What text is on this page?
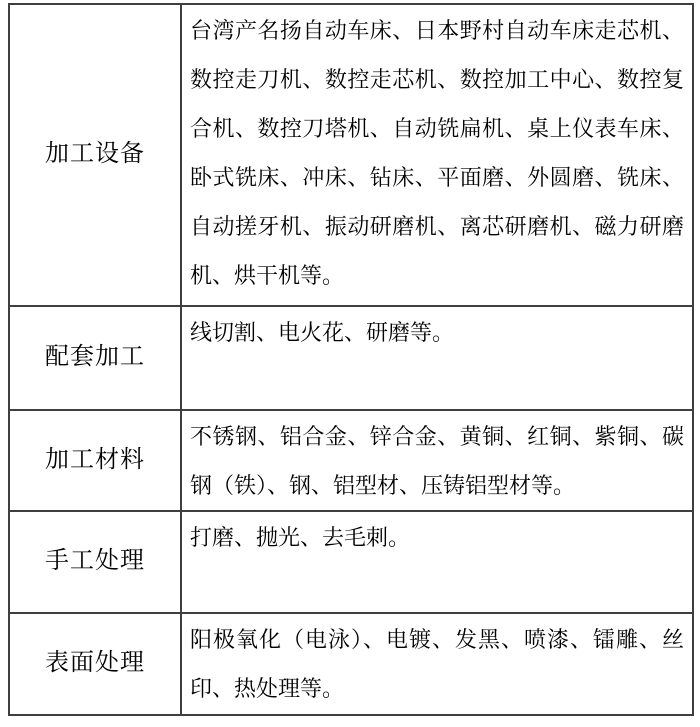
加工设备	台湾产名扬自动车床、日本野村自动车床走芯机、数控走刀机、数控走芯机、数控加工中心、数控复合机、数控刀塔机、自动铣扁机、桌上仪表车床、卧式铣床、冲床、钻床、平面磨、外圆磨、铣床、自动搓牙机、振动研磨机、离芯研磨机、磁力研磨机、烘干机等。
配套加工	线切割、电火花、研磨等。
加工材料	不锈钢、铝合金、锌合金、黄铜、红铜、紫铜、碳钢（铁）、钢、铝型材、压铸铝型材等。
手工处理	打磨、抛光、去毛刺。
表面处理	阳极氧化（电泳）、电镀、发黑、喷漆、镭雕、丝印、热处理等。
